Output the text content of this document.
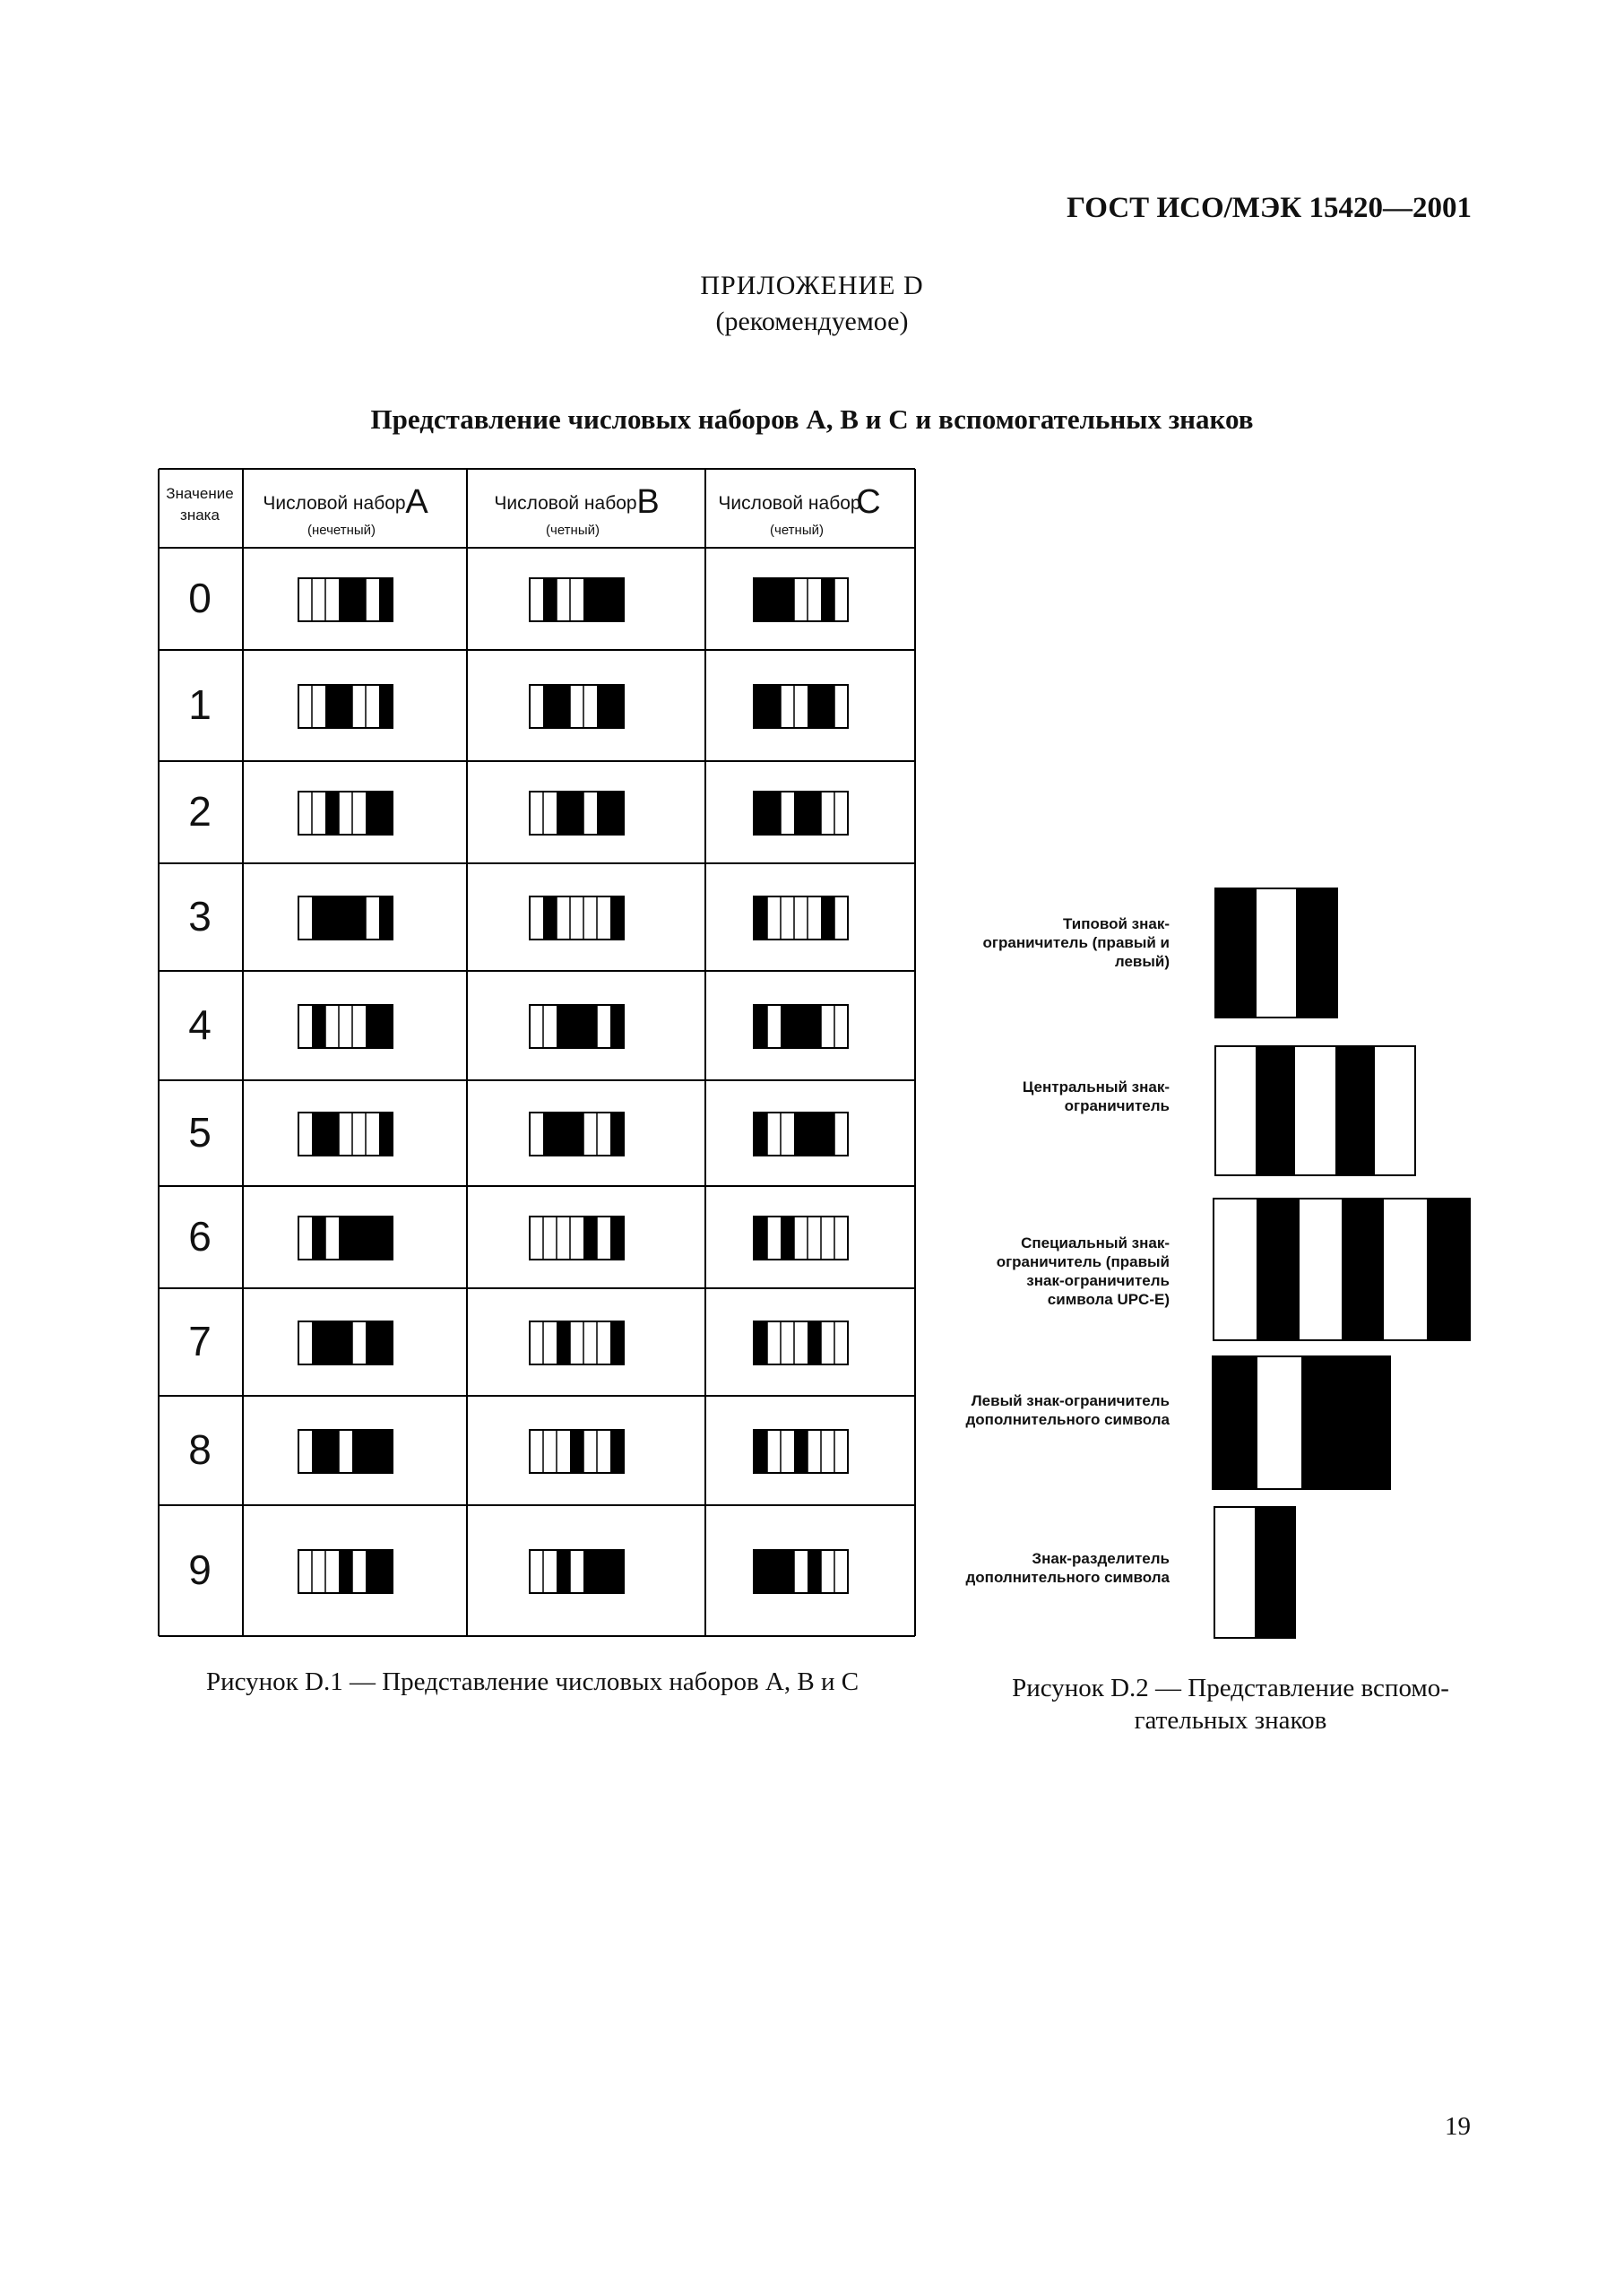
ГОСТ ИСО/МЭК 15420—2001
ПРИЛОЖЕНИЕ D
(рекомендуемое)
Представление числовых наборов А, В и С и вспомогательных знаков
Значение
знака
Числовой набор A
(нечетный)
Числовой набор B
(четный)
Числовой набор
C
(четный)
0
1
2
3
4
5
6
7
8
9
Типовой знак-ограничитель (правый и левый)
Центральный знак-ограничитель
Специальный знак-ограничитель (правый знак-ограничитель символа UPC-E)
Левый знак-ограничитель дополнительного символа
Знак-разделитель дополнительного символа
Рисунок D.1 — Представление числовых наборов А, В и С	Рисунок D.2 — Представление вспомо-
гательных знаков
19
